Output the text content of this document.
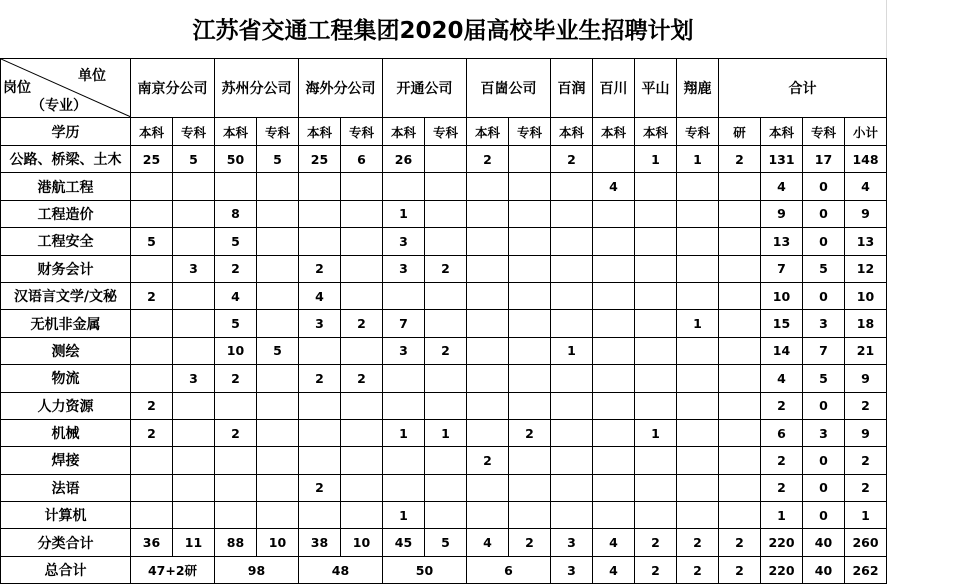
江苏省交通工程集团2020届高校毕业生招聘计划
单位
岗位
（专业）	南京分公司		苏州分公司		海外分公司		开通公司		百崮公司		百润	百川	平山	翔鹿	合计			
学历	本科	专科	本科	专科	本科	专科	本科	专科	本科	专科	本科	本科	本科	专科	研	本科	专科	小计
公路、桥梁、土木	25	5	50	5	25	6	26		2		2		1	1	2	131	17	148
港航工程												4				4	0	4
工程造价			8				1									9	0	9
工程安全	5		5				3									13	0	13
财务会计		3	2		2		3	2								7	5	12
汉语言文学/文秘	2		4		4											10	0	10
无机非金属			5		3	2	7							1		15	3	18
测绘			10	5			3	2			1					14	7	21
物流		3	2		2	2										4	5	9
人力资源	2															2	0	2
机械	2		2				1	1		2			1			6	3	9
焊接									2							2	0	2
法语					2											2	0	2
计算机							1									1	0	1
分类合计	36	11	88	10	38	10	45	5	4	2	3	4	2	2	2	220	40	260
总合计	47+2研		98		48		50		6		3	4	2	2	2	220	40	262
